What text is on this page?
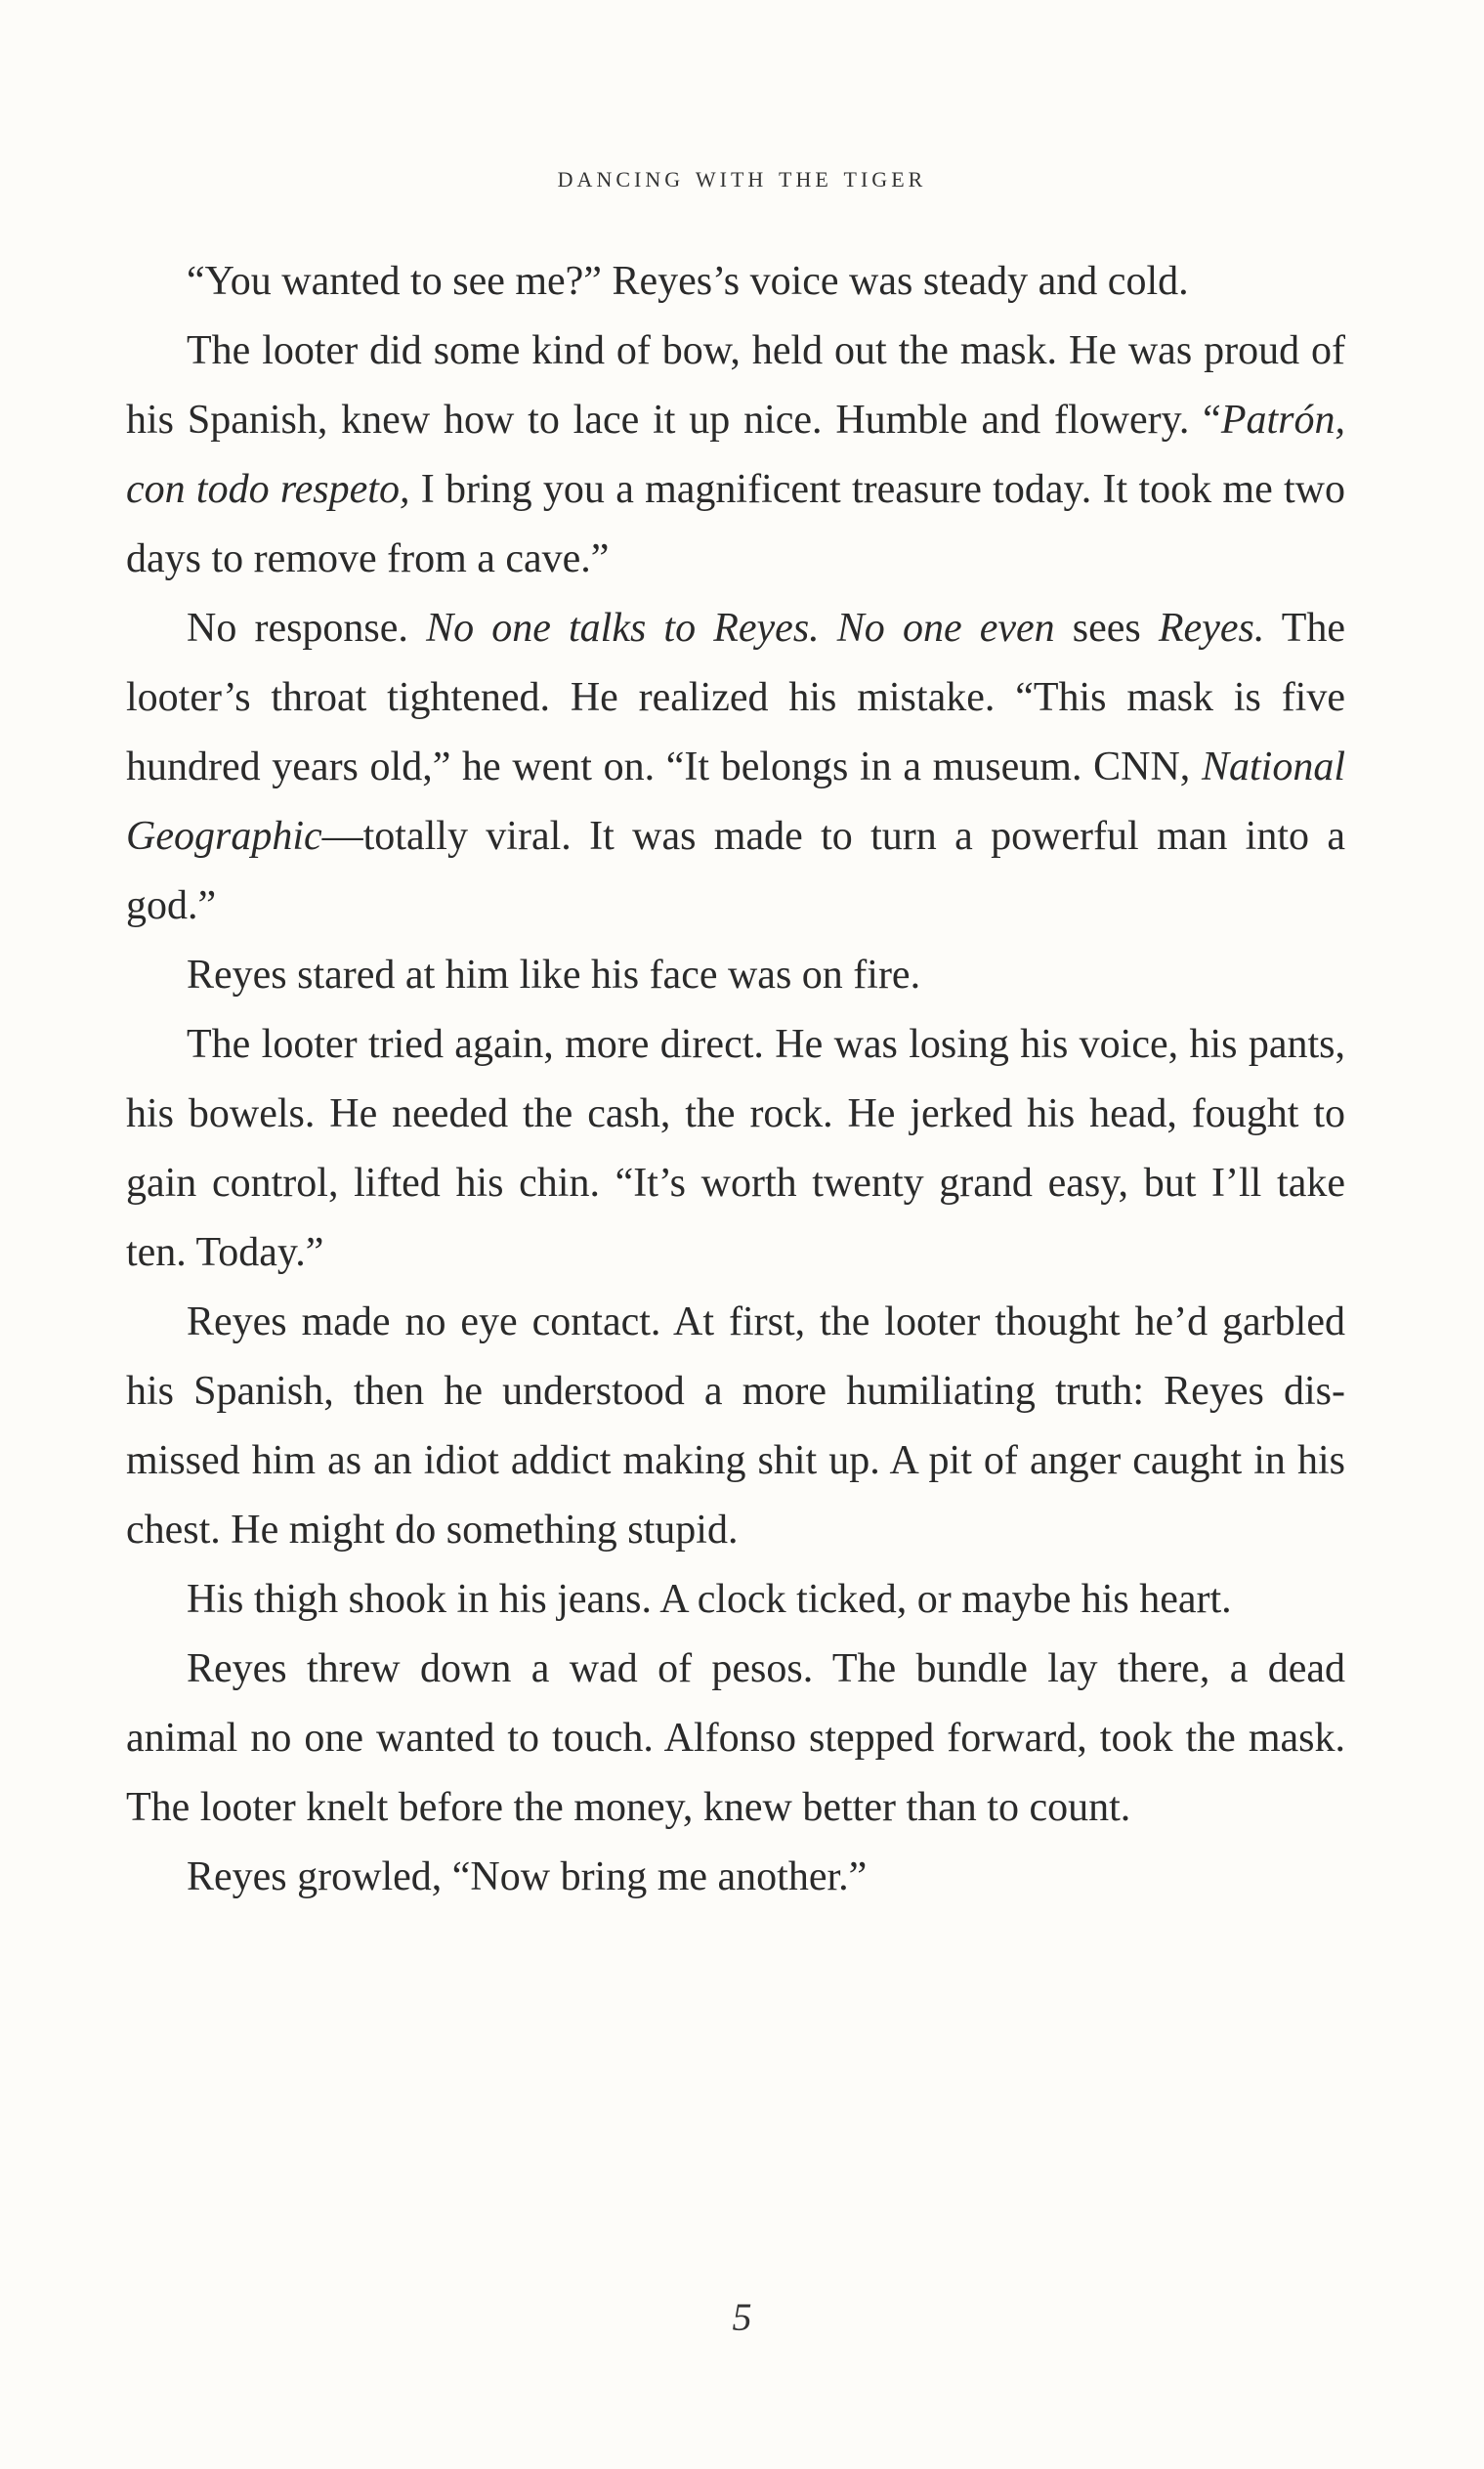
dancing with the tiger

“You wanted to see me?” Reyes’s voice was steady and cold.

The looter did some kind of bow, held out the mask. He was proud of his Spanish, knew how to lace it up nice. Humble and flowery. “Patrón, con todo respeto, I bring you a magnificent treasure today. It took me two days to remove from a cave.”

No response. No one talks to Reyes. No one even sees Reyes. The looter’s throat tightened. He realized his mistake. “This mask is five hundred years old,” he went on. “It belongs in a museum. CNN, National Geographic—totally viral. It was made to turn a powerful man into a god.”

Reyes stared at him like his face was on fire.

The looter tried again, more direct. He was losing his voice, his pants, his bowels. He needed the cash, the rock. He jerked his head, fought to gain control, lifted his chin. “It’s worth twenty grand easy, but I’ll take ten. Today.”

Reyes made no eye contact. At first, the looter thought he’d garbled his Spanish, then he understood a more humiliating truth: Reyes dismissed him as an idiot addict making shit up. A pit of anger caught in his chest. He might do something stupid.

His thigh shook in his jeans. A clock ticked, or maybe his heart.

Reyes threw down a wad of pesos. The bundle lay there, a dead animal no one wanted to touch. Alfonso stepped forward, took the mask. The looter knelt before the money, knew better than to count.

Reyes growled, “Now bring me another.”

5
